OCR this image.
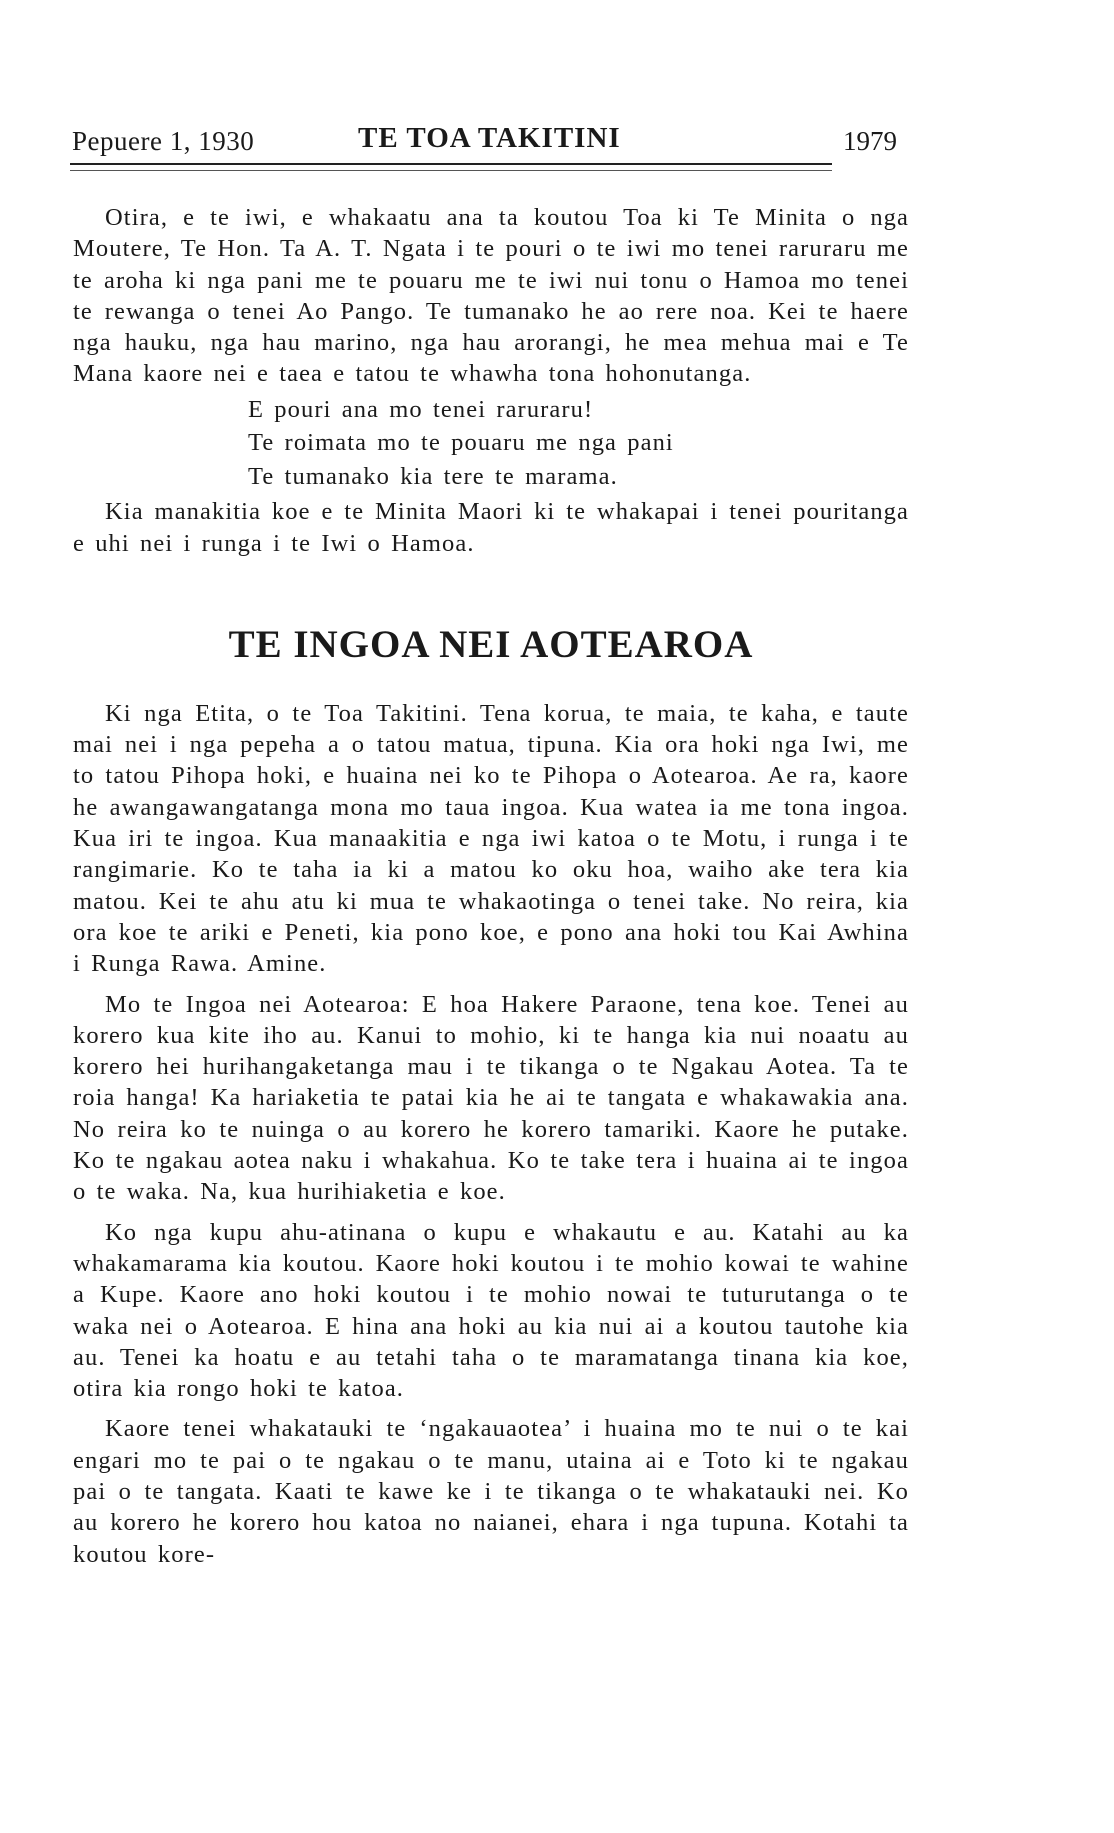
Pepuere 1, 1930	TE TOA TAKITINI	1979

Otira, e te iwi, e whakaatu ana ta koutou Toa ki Te Minita o nga Moutere, Te Hon. Ta A. T. Ngata i te pouri o te iwi mo tenei raruraru me te aroha ki nga pani me te pouaru me te iwi nui tonu o Hamoa mo tenei te rewanga o tenei Ao Pango. Te tumanako he ao rere noa. Kei te haere nga hauku, nga hau marino, nga hau arorangi, he mea mehua mai e Te Mana kaore nei e taea e tatou te whawha tona hohonutanga.

E pouri ana mo tenei raruraru!
Te roimata mo te pouaru me nga pani
Te tumanako kia tere te marama.

Kia manakitia koe e te Minita Maori ki te whakapai i tenei pouritanga e uhi nei i runga i te Iwi o Hamoa.

TE INGOA NEI AOTEAROA

Ki nga Etita, o te Toa Takitini. Tena korua, te maia, te kaha, e taute mai nei i nga pepeha a o tatou matua, tipuna. Kia ora hoki nga Iwi, me to tatou Pihopa hoki, e huaina nei ko te Pihopa o Aotearoa. Ae ra, kaore he awangawangatanga mona mo taua ingoa. Kua watea ia me tona ingoa. Kua iri te ingoa. Kua manaakitia e nga iwi katoa o te Motu, i runga i te rangimarie. Ko te taha ia ki a matou ko oku hoa, waiho ake tera kia matou. Kei te ahu atu ki mua te whakaotinga o tenei take. No reira, kia ora koe te ariki e Peneti, kia pono koe, e pono ana hoki tou Kai Awhina i Runga Rawa. Amine.

Mo te Ingoa nei Aotearoa: E hoa Hakere Paraone, tena koe. Tenei au korero kua kite iho au. Kanui to mohio, ki te hanga kia nui noaatu au korero hei hurihangaketanga mau i te tikanga o te Ngakau Aotea. Ta te roia hanga! Ka hariaketia te patai kia he ai te tangata e whakawakia ana. No reira ko te nuinga o au korero he korero tamariki. Kaore he putake. Ko te ngakau aotea naku i whakahua. Ko te take tera i huaina ai te ingoa o te waka. Na, kua hurihiaketia e koe.

Ko nga kupu ahu-atinana o kupu e whakautu e au. Katahi au ka whakamarama kia koutou. Kaore hoki koutou i te mohio kowai te wahine a Kupe. Kaore ano hoki koutou i te mohio nowai te tuturutanga o te waka nei o Aotearoa. E hina ana hoki au kia nui ai a koutou tautohe kia au. Tenei ka hoatu e au tetahi taha o te maramatanga tinana kia koe, otira kia rongo hoki te katoa.

Kaore tenei whakatauki te ‘ngakauaotea’ i huaina mo te nui o te kai engari mo te pai o te ngakau o te manu, utaina ai e Toto ki te ngakau pai o te tangata. Kaati te kawe ke i te tikanga o te whakatauki nei. Ko au korero he korero hou katoa no naianei, ehara i nga tupuna. Kotahi ta koutou kore-
